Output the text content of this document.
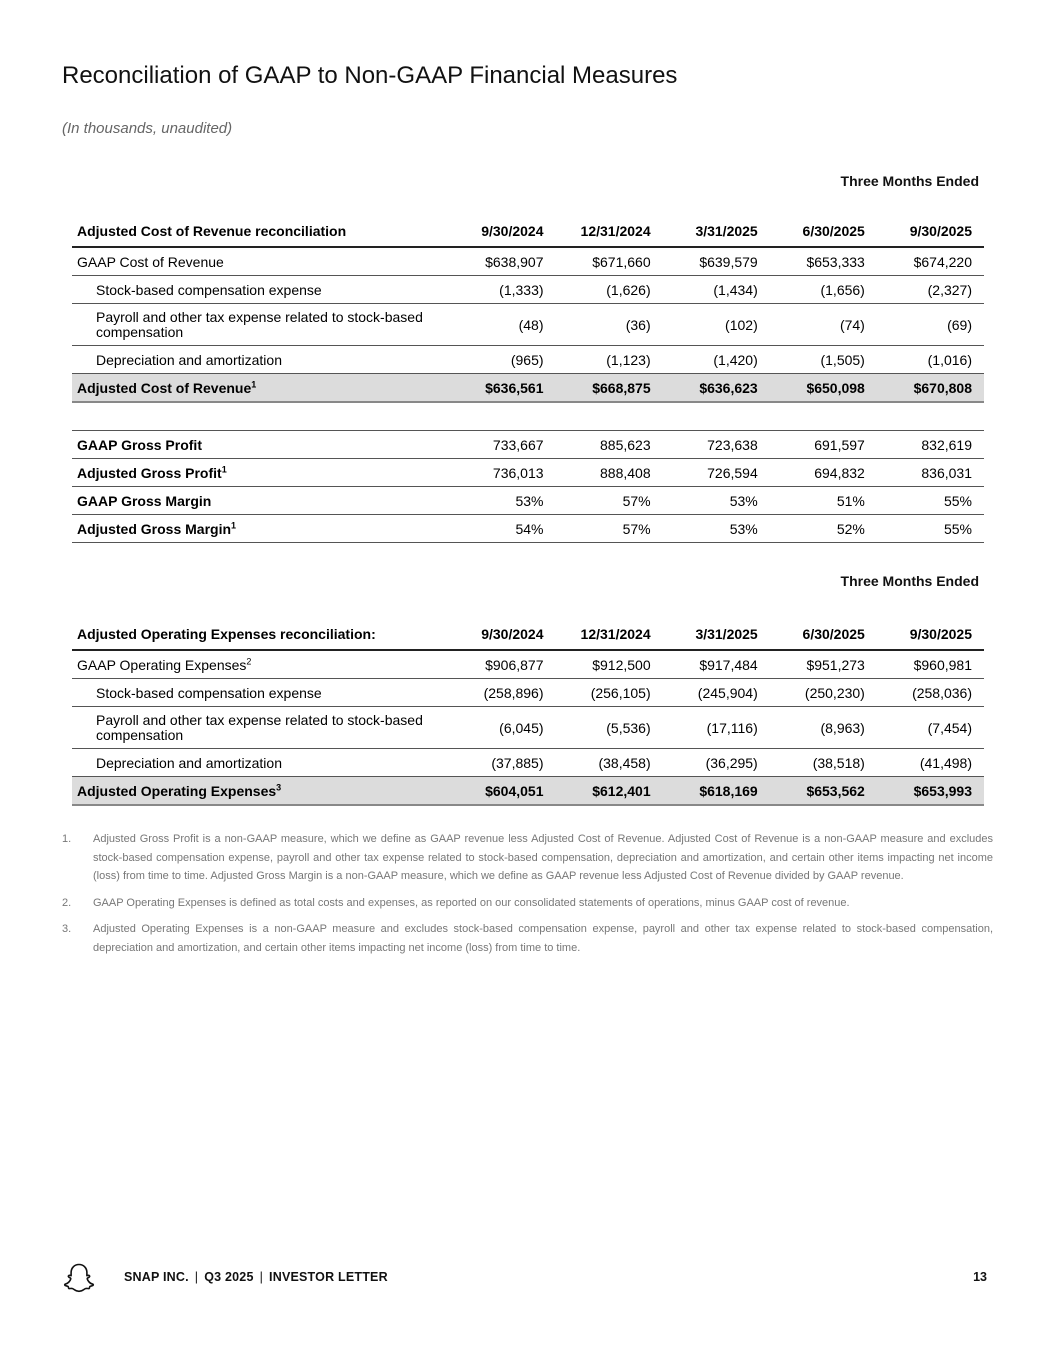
Reconciliation of GAAP to Non-GAAP Financial Measures
(In thousands, unaudited)
Three Months Ended
Adjusted Cost of Revenue reconciliation	9/30/2024	12/31/2024	3/31/2025	6/30/2025	9/30/2025
GAAP Cost of Revenue	$638,907	$671,660	$639,579	$653,333	$674,220
Stock-based compensation expense	(1,333)	(1,626)	(1,434)	(1,656)	(2,327)

Payroll and other tax expense related to stock-based compensation	(48)	(36)	(102)	(74)	(69)
Depreciation and amortization	(965)	(1,123)	(1,420)	(1,505)	(1,016)
Adjusted Cost of Revenue$^1$	$636,561	$668,875	$636,623	$650,098	$670,808

GAAP Gross Profit	733,667	885,623	723,638	691,597	832,619
Adjusted Gross Profit$^1$	736,013	888,408	726,594	694,832	836,031
GAAP Gross Margin	53%	57%	53%	51%	55%
Adjusted Gross Margin$^1$	54%	57%	53%	52%	55%
Three Months Ended
Adjusted Operating Expenses reconciliation:	9/30/2024	12/31/2024	3/31/2025	6/30/2025	9/30/2025
GAAP Operating Expenses$^2$	$906,877	$912,500	$917,484	$951,273	$960,981
Stock-based compensation expense	(258,896)	(256,105)	(245,904)	(250,230)	(258,036)

Payroll and other tax expense related to stock-based compensation	(6,045)	(5,536)	(17,116)	(8,963)	(7,454)
Depreciation and amortization	(37,885)	(38,458)	(36,295)	(38,518)	(41,498)
Adjusted Operating Expenses$^3$	$604,051	$612,401	$618,169	$653,562	$653,993
1.	Adjusted Gross Profit is a non-GAAP measure, which we define as GAAP revenue less Adjusted Cost of Revenue. Adjusted Cost of Revenue is a non-GAAP measure and excludes stock-based compensation expense, payroll and other tax expense related to stock-based compensation, depreciation and amortization, and certain other items impacting net income (loss) from time to time. Adjusted Gross Margin is a non-GAAP measure, which we define as GAAP revenue less Adjusted Cost of Revenue divided by GAAP revenue.
2.	GAAP Operating Expenses is defined as total costs and expenses, as reported on our consolidated statements of operations, minus GAAP cost of revenue.
3.	Adjusted Operating Expenses is a non-GAAP measure and excludes stock-based compensation expense, payroll and other tax expense related to stock-based compensation, depreciation and amortization, and certain other items impacting net income (loss) from time to time.
SNAP INC. | Q3 2025 | INVESTOR LETTER	13
